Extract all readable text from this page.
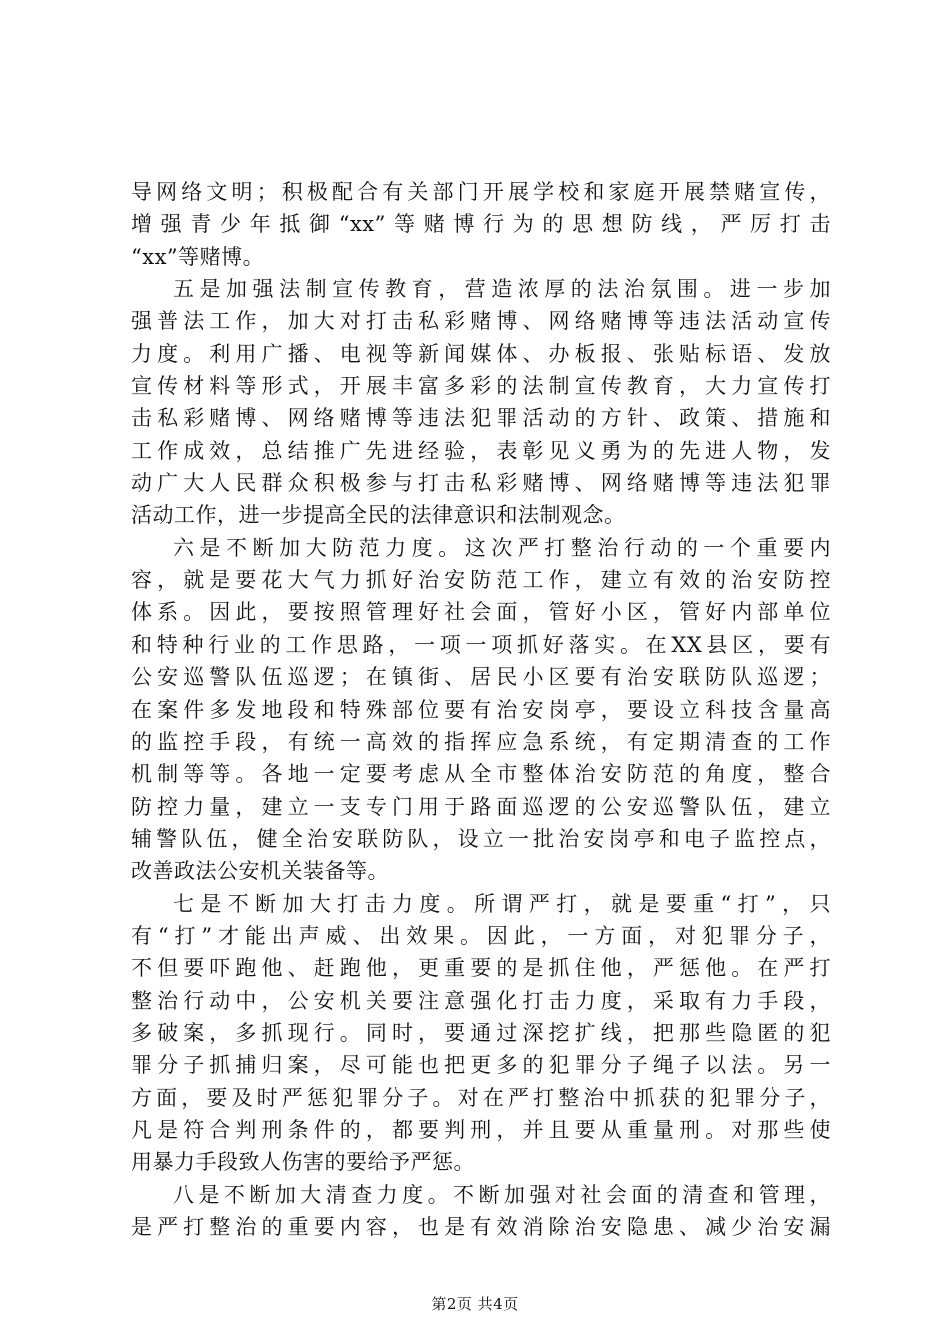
导网络文明；积极配合有关部门开展学校和家庭开展禁赌宣传，
增强青少年抵御“xx”等赌博行为的思想防线，严厉打击
“xx”等赌博。
五是加强法制宣传教育，营造浓厚的法治氛围。进一步加
强普法工作，加大对打击私彩赌博、网络赌博等违法活动宣传
力度。利用广播、电视等新闻媒体、办板报、张贴标语、发放
宣传材料等形式，开展丰富多彩的法制宣传教育，大力宣传打
击私彩赌博、网络赌博等违法犯罪活动的方针、政策、措施和
工作成效，总结推广先进经验，表彰见义勇为的先进人物，发
动广大人民群众积极参与打击私彩赌博、网络赌博等违法犯罪
活动工作，进一步提高全民的法律意识和法制观念。
六是不断加大防范力度。这次严打整治行动的一个重要内
容，就是要花大气力抓好治安防范工作，建立有效的治安防控
体系。因此，要按照管理好社会面，管好小区，管好内部单位
和特种行业的工作思路，一项一项抓好落实。在XX县区，要有
公安巡警队伍巡逻；在镇街、居民小区要有治安联防队巡逻；
在案件多发地段和特殊部位要有治安岗亭，要设立科技含量高
的监控手段，有统一高效的指挥应急系统，有定期清查的工作
机制等等。各地一定要考虑从全市整体治安防范的角度，整合
防控力量，建立一支专门用于路面巡逻的公安巡警队伍，建立
辅警队伍，健全治安联防队，设立一批治安岗亭和电子监控点，
改善政法公安机关装备等。
七是不断加大打击力度。所谓严打，就是要重“打”，只
有“打”才能出声威、出效果。因此，一方面，对犯罪分子，
不但要吓跑他、赶跑他，更重要的是抓住他，严惩他。在严打
整治行动中，公安机关要注意强化打击力度，采取有力手段，
多破案，多抓现行。同时，要通过深挖扩线，把那些隐匿的犯
罪分子抓捕归案，尽可能也把更多的犯罪分子绳子以法。另一
方面，要及时严惩犯罪分子。对在严打整治中抓获的犯罪分子，
凡是符合判刑条件的，都要判刑，并且要从重量刑。对那些使
用暴力手段致人伤害的要给予严惩。
八是不断加大清查力度。不断加强对社会面的清查和管理，
是严打整治的重要内容，也是有效消除治安隐患、减少治安漏
第2页 共4页
